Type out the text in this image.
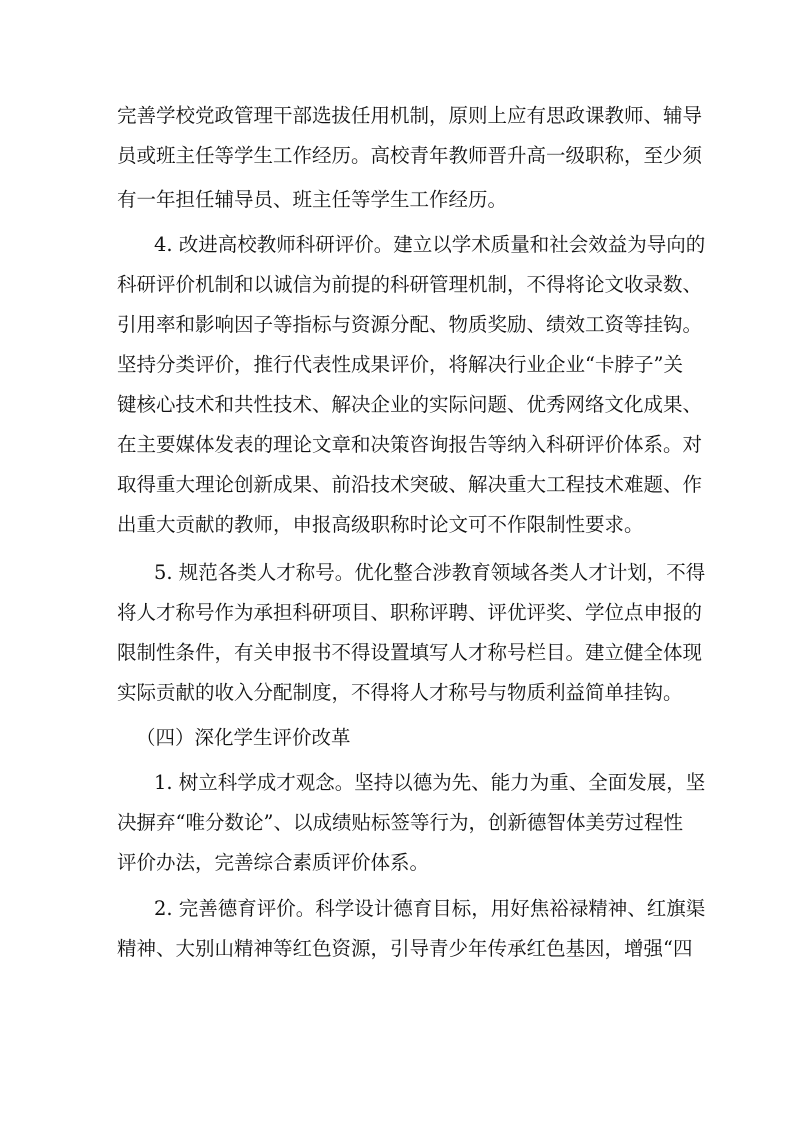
完善学校党政管理干部选拔任用机制，原则上应有思政课教师、辅导
员或班主任等学生工作经历。高校青年教师晋升高一级职称，至少须
有一年担任辅导员、班主任等学生工作经历。
4. 改进高校教师科研评价。建立以学术质量和社会效益为导向的
科研评价机制和以诚信为前提的科研管理机制，不得将论文收录数、
引用率和影响因子等指标与资源分配、物质奖励、绩效工资等挂钩。
坚持分类评价，推行代表性成果评价，将解决行业企业“卡脖子”关
键核心技术和共性技术、解决企业的实际问题、优秀网络文化成果、
在主要媒体发表的理论文章和决策咨询报告等纳入科研评价体系。对
取得重大理论创新成果、前沿技术突破、解决重大工程技术难题、作
出重大贡献的教师，申报高级职称时论文可不作限制性要求。
5. 规范各类人才称号。优化整合涉教育领域各类人才计划，不得
将人才称号作为承担科研项目、职称评聘、评优评奖、学位点申报的
限制性条件，有关申报书不得设置填写人才称号栏目。建立健全体现
实际贡献的收入分配制度，不得将人才称号与物质利益简单挂钩。
（四）深化学生评价改革
1. 树立科学成才观念。坚持以德为先、能力为重、全面发展，坚
决摒弃“唯分数论”、以成绩贴标签等行为，创新德智体美劳过程性
评价办法，完善综合素质评价体系。
2. 完善德育评价。科学设计德育目标，用好焦裕禄精神、红旗渠
精神、大别山精神等红色资源，引导青少年传承红色基因，增强“四
